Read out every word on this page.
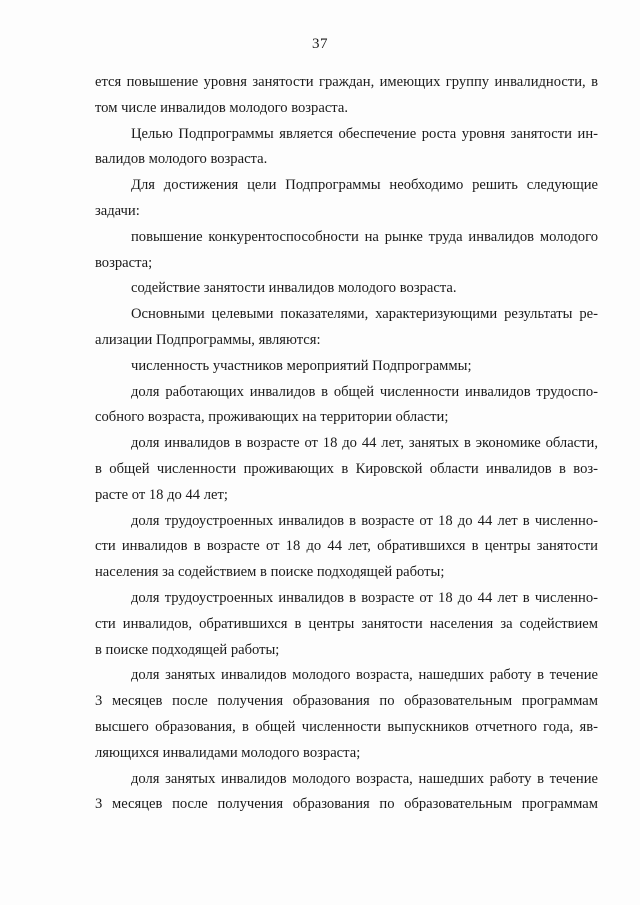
37
ется повышение уровня занятости граждан, имеющих группу инвалидности, в
том числе инвалидов молодого возраста.
Целью Подпрограммы является обеспечение роста уровня занятости ин-
валидов молодого возраста.
Для достижения цели Подпрограммы необходимо решить следующие
задачи:
повышение конкурентоспособности на рынке труда инвалидов молодого
возраста;
содействие занятости инвалидов молодого возраста.
Основными целевыми показателями, характеризующими результаты ре-
ализации Подпрограммы, являются:
численность участников мероприятий Подпрограммы;
доля работающих инвалидов в общей численности инвалидов трудоспо-
собного возраста, проживающих на территории области;
доля инвалидов в возрасте от 18 до 44 лет, занятых в экономике области,
в общей численности проживающих в Кировской области инвалидов в воз-
расте от 18 до 44 лет;
доля трудоустроенных инвалидов в возрасте от 18 до 44 лет в численно-
сти инвалидов в возрасте от 18 до 44 лет, обратившихся в центры занятости
населения за содействием в поиске подходящей работы;
доля трудоустроенных инвалидов в возрасте от 18 до 44 лет в численно-
сти инвалидов, обратившихся в центры занятости населения за содействием
в поиске подходящей работы;
доля занятых инвалидов молодого возраста, нашедших работу в течение
3 месяцев после получения образования по образовательным программам
высшего образования, в общей численности выпускников отчетного года, яв-
ляющихся инвалидами молодого возраста;
доля занятых инвалидов молодого возраста, нашедших работу в течение
3 месяцев после получения образования по образовательным программам
